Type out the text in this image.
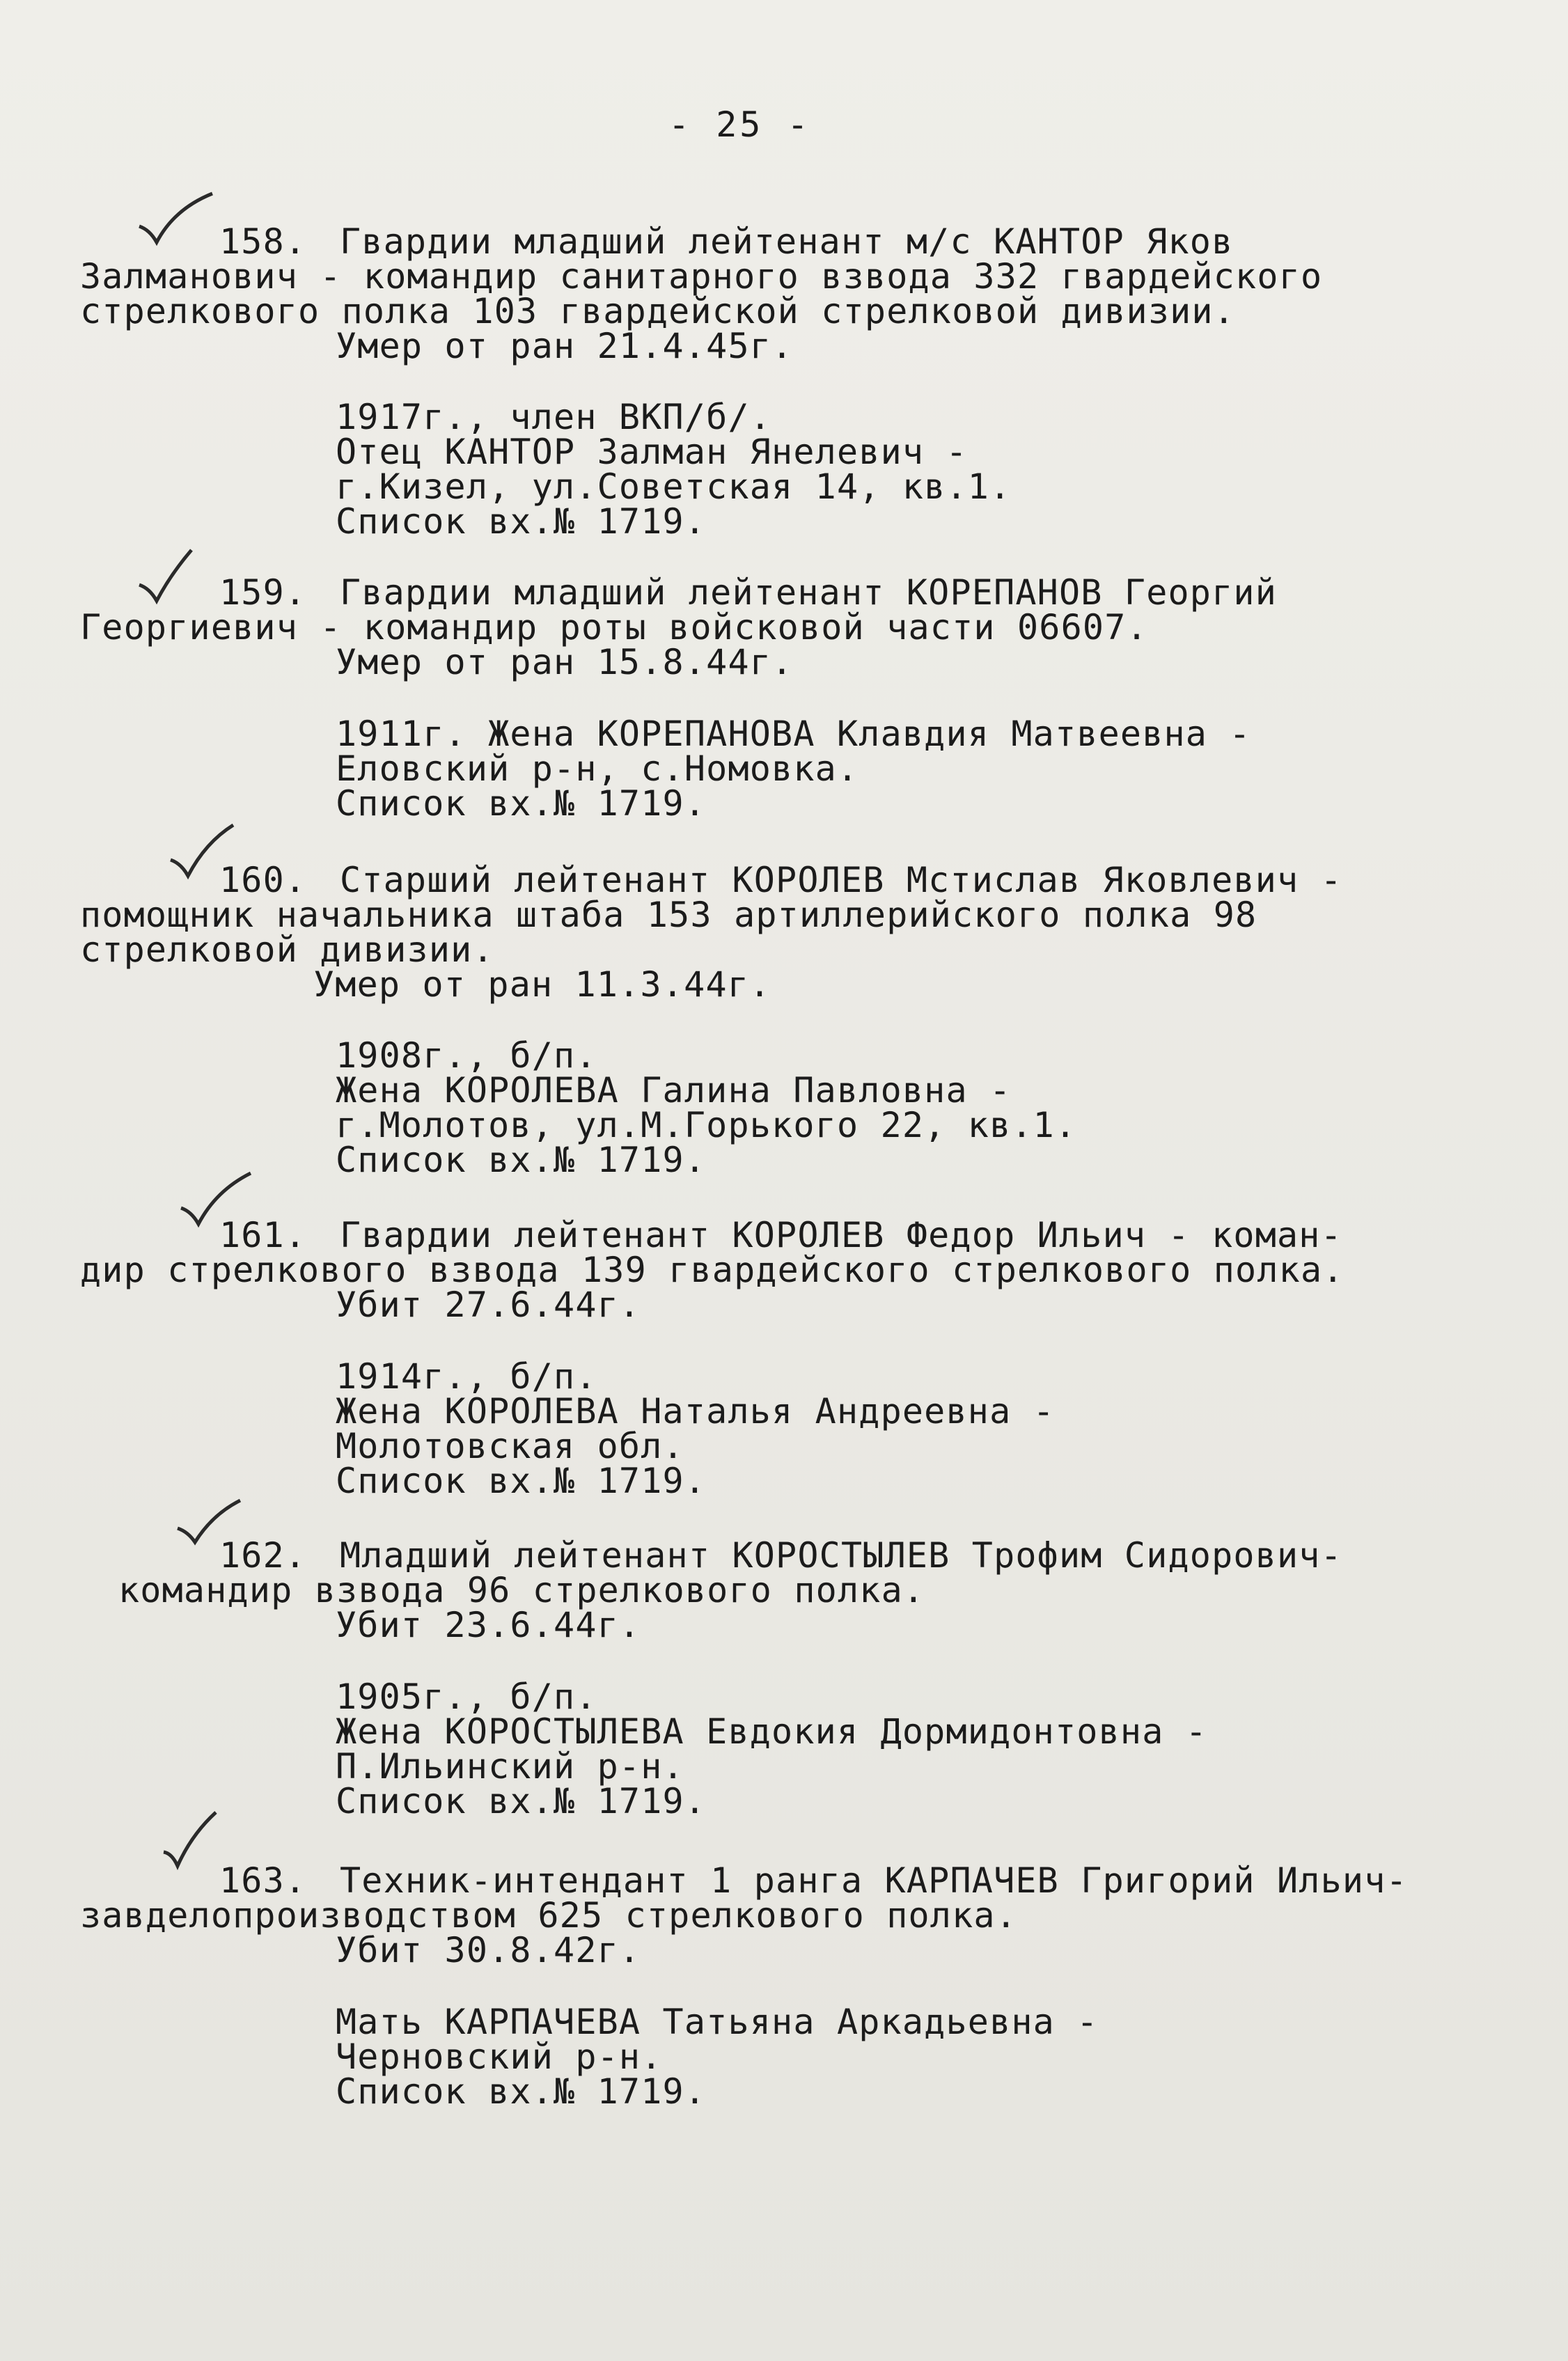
- 25 -
158. Гвардии младший лейтенант м/с КАНТОР Яков
Залманович - командир санитарного взвода 332 гвардейского
стрелкового полка 103 гвардейской стрелковой дивизии.
Умер от ран 21.4.45г.
1917г., член ВКП/б/.
Отец КАНТОР Залман Янелевич -
г.Кизел, ул.Советская 14, кв.1.
Список вх.№ 1719.
159. Гвардии младший лейтенант КОРЕПАНОВ Георгий
Георгиевич - командир роты войсковой части 06607.
Умер от ран 15.8.44г.
1911г. Жена КОРЕПАНОВА Клавдия Матвеевна -
Еловский р-н, с.Номовка.
Список вх.№ 1719.
160. Старший лейтенант КОРОЛЕВ Мстислав Яковлевич -
помощник начальника штаба 153 артиллерийского полка 98
стрелковой дивизии.
Умер от ран 11.3.44г.
1908г., б/п.
Жена КОРОЛЕВА Галина Павловна -
г.Молотов, ул.М.Горького 22, кв.1.
Список вх.№ 1719.
161. Гвардии лейтенант КОРОЛЕВ Федор Ильич - коман-
дир стрелкового взвода 139 гвардейского стрелкового полка.
Убит 27.6.44г.
1914г., б/п.
Жена КОРОЛЕВА Наталья Андреевна -
Молотовская обл.
Список вх.№ 1719.
162. Младший лейтенант КОРОСТЫЛЕВ Трофим Сидорович-
командир взвода 96 стрелкового полка.
Убит 23.6.44г.
1905г., б/п.
Жена КОРОСТЫЛЕВА Евдокия Дормидонтовна -
П.Ильинский р-н.
Список вх.№ 1719.
163. Техник-интендант 1 ранга КАРПАЧЕВ Григорий Ильич-
завделопроизводством 625 стрелкового полка.
Убит 30.8.42г.
Мать КАРПАЧЕВА Татьяна Аркадьевна -
Черновский р-н.
Список вх.№ 1719.
